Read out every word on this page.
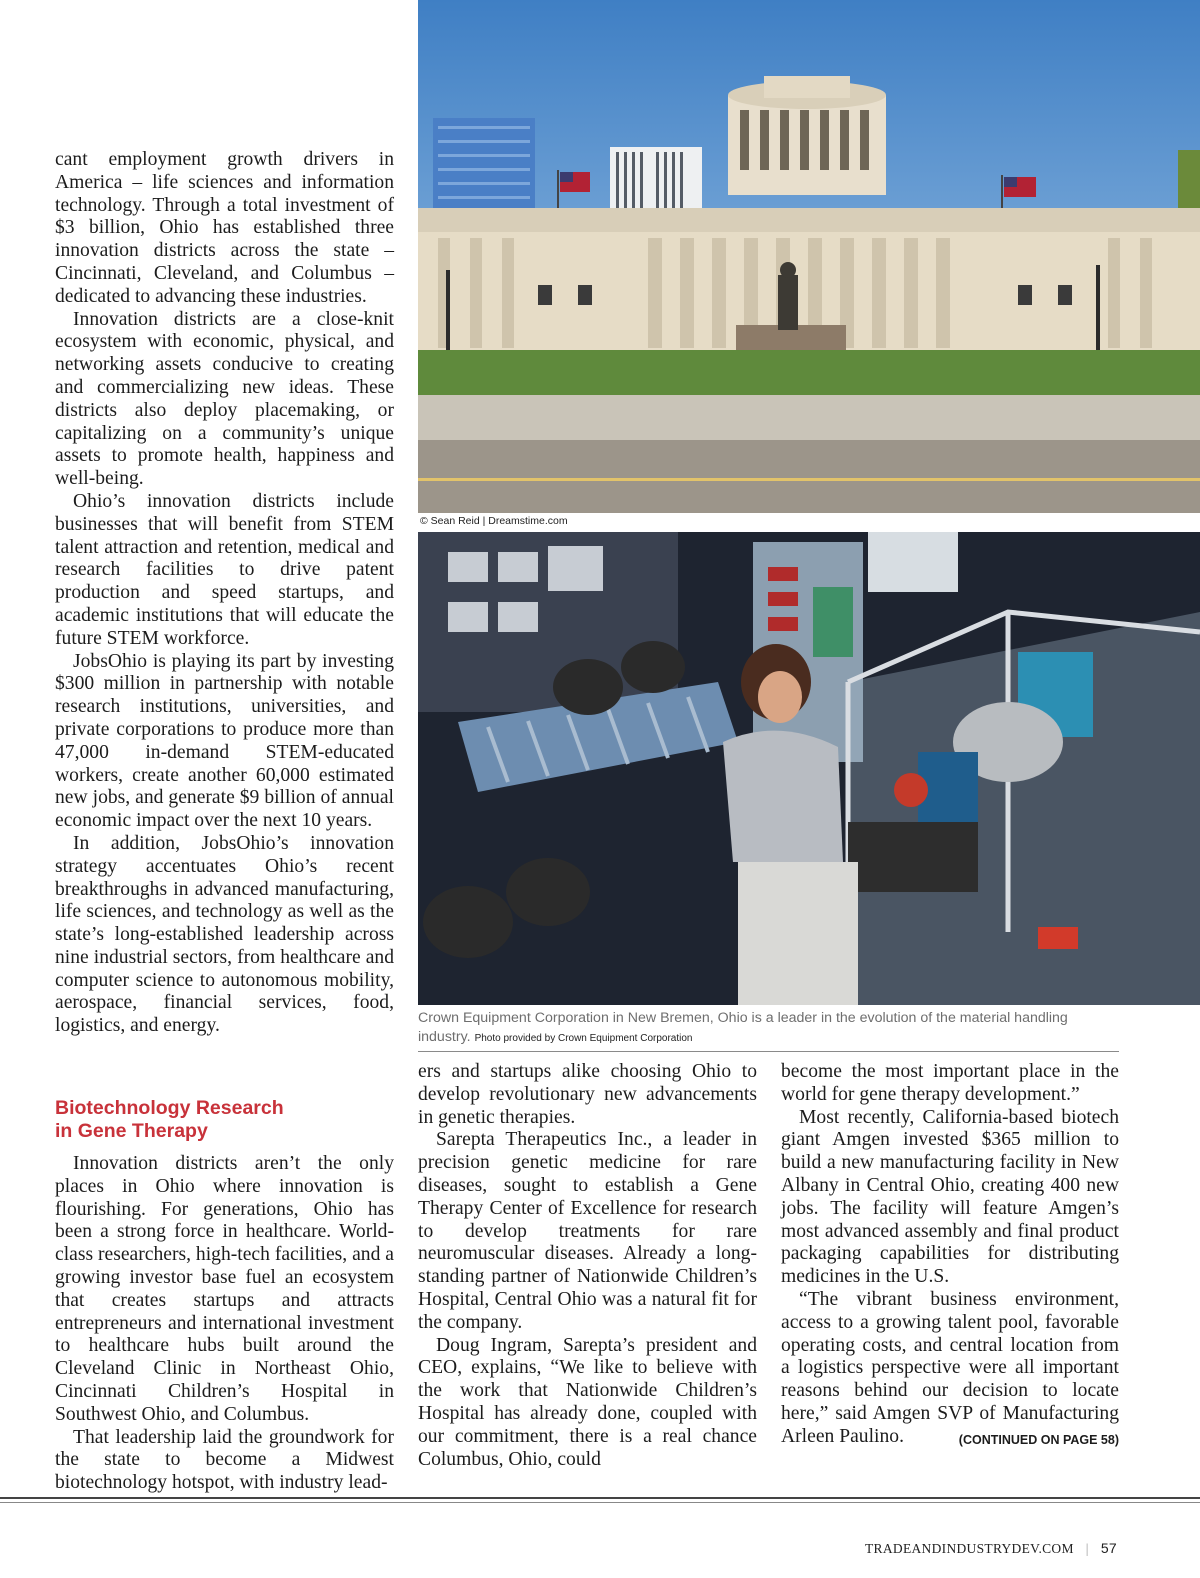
cant employment growth drivers in America – life sciences and information technology. Through a total investment of $3 billion, Ohio has established three innovation districts across the state – Cincinnati, Cleveland, and Columbus – dedicated to advancing these industries.

Innovation districts are a close-knit ecosystem with economic, physical, and networking assets conducive to creating and commercializing new ideas. These districts also deploy placemaking, or capitalizing on a community’s unique assets to promote health, happiness and well-being.

Ohio’s innovation districts include businesses that will benefit from STEM talent attraction and retention, medical and research facilities to drive patent production and speed startups, and academic institutions that will educate the future STEM workforce.

JobsOhio is playing its part by investing $300 million in partnership with notable research institutions, universities, and private corporations to produce more than 47,000 in-demand STEM-educated workers, create another 60,000 estimated new jobs, and generate $9 billion of annual economic impact over the next 10 years.

In addition, JobsOhio’s innovation strategy accentuates Ohio’s recent breakthroughs in advanced manufacturing, life sciences, and technology as well as the state’s long-established leadership across nine industrial sectors, from healthcare and computer science to autonomous mobility, aerospace, financial services, food, logistics, and energy.

Biotechnology Research
in Gene Therapy

Innovation districts aren’t the only places in Ohio where innovation is flourishing. For generations, Ohio has been a strong force in healthcare. World-class researchers, high-tech facilities, and a growing investor base fuel an ecosystem that creates startups and attracts entrepreneurs and international investment to healthcare hubs built around the Cleveland Clinic in Northeast Ohio, Cincinnati Children’s Hospital in Southwest Ohio, and Columbus.

That leadership laid the groundwork for the state to become a Midwest biotechnology hotspot, with industry lead-

ers and startups alike choosing Ohio to develop revolutionary new advancements in genetic therapies.

Sarepta Therapeutics Inc., a leader in precision genetic medicine for rare diseases, sought to establish a Gene Therapy Center of Excellence for research to develop treatments for rare neuromuscular diseases. Already a long-standing partner of Nationwide Children’s Hospital, Central Ohio was a natural fit for the company.

Doug Ingram, Sarepta’s president and CEO, explains, “We like to believe with the work that Nationwide Children’s Hospital has already done, coupled with our commitment, there is a real chance Columbus, Ohio, could

become the most important place in the world for gene therapy development.”

Most recently, California-based biotech giant Amgen invested $365 million to build a new manufacturing facility in New Albany in Central Ohio, creating 400 new jobs. The facility will feature Amgen’s most advanced assembly and final product packaging capabilities for distributing medicines in the U.S.

“The vibrant business environment, access to a growing talent pool, favorable operating costs, and central location from a logistics perspective were all important reasons behind our decision to locate here,” said Amgen SVP of Manufacturing Arleen Paulino.	(CONTINUED ON PAGE 58)

© Sean Reid | Dreamstime.com
Crown Equipment Corporation in New Bremen, Ohio is a leader in the evolution of the material handling industry. Photo provided by Crown Equipment Corporation
TRADEANDINDUSTRYDEV.COM | 57
